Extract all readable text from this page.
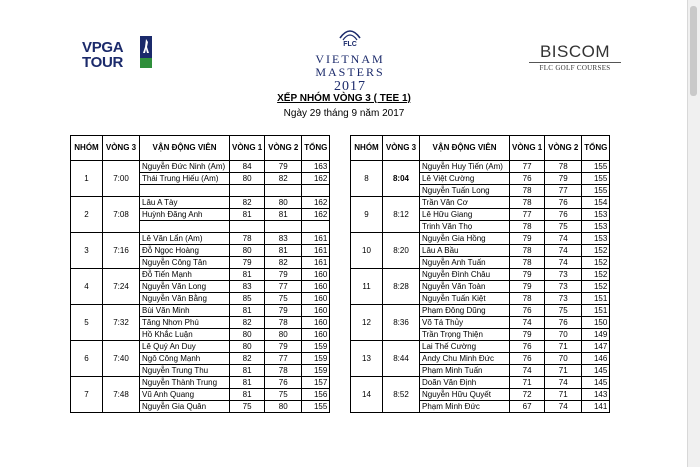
VPGA
TOUR
FLC
VIETNAM
MASTERS
2017
BISCOM
FLC GOLF COURSES
XẾP NHÓM VÒNG 3 ( TEE 1)
Ngày 29 tháng 9 năm 2017
NHÓM	VÒNG 3	VẬN ĐỘNG VIÊN	VÒNG 1	VÒNG 2	TỔNG
1	7:00	Nguyễn Đức Ninh (Am)	84	79	163
		Thái Trung Hiếu (Am)	80	82	162

2	7:08	Lâu A Tày	82	80	162
		Huỳnh Đăng Anh	81	81	162

3	7:16	Lê Văn Lẩn (Am)	78	83	161
		Đỗ Ngọc Hoàng	80	81	161
		Nguyễn Công Tân	79	82	161
4	7:24	Đỗ Tiến Mạnh	81	79	160
		Nguyễn Văn Long	83	77	160
		Nguyễn Văn Bằng	85	75	160
5	7:32	Bùi Văn Minh	81	79	160
		Tăng Nhơn Phú	82	78	160
		Hồ Khắc Luận	80	80	160
6	7:40	Lê Quý An Duy	80	79	159
		Ngô Công Mạnh	82	77	159
		Nguyễn Trung Thu	81	78	159
7	7:48	Nguyễn Thành Trung	81	76	157
		Vũ Anh Quang	81	75	156
		Nguyễn Gia Quân	75	80	155
NHÓM	VÒNG 3	VẬN ĐỘNG VIÊN	VÒNG 1	VÒNG 2	TỔNG
8	8:04	Nguyễn Huy Tiến (Am)	77	78	155
		Lê Việt Cường	76	79	155
		Nguyễn Tuấn Long	78	77	155
9	8:12	Trần Văn Cơ	78	76	154
		Lê Hữu Giang	77	76	153
		Trinh Văn Thọ	78	75	153
10	8:20	Nguyễn Gia Hồng	79	74	153
		Lâu A Bầu	78	74	152
		Nguyễn Anh Tuấn	78	74	152
11	8:28	Nguyễn Đình Châu	79	73	152
		Nguyễn Văn Toàn	79	73	152
		Nguyễn Tuấn Kiệt	78	73	151
12	8:36	Phạm Đông Dũng	76	75	151
		Võ Tá Thủy	74	76	150
		Trần Trọng Thiện	79	70	149
13	8:44	Lai Thế Cường	76	71	147
		Andy Chu Minh Đức	76	70	146
		Phạm Minh Tuấn	74	71	145
14	8:52	Doãn Văn Định	71	74	145
		Nguyễn Hữu Quyết	72	71	143
		Phạm Minh Đức	67	74	141
